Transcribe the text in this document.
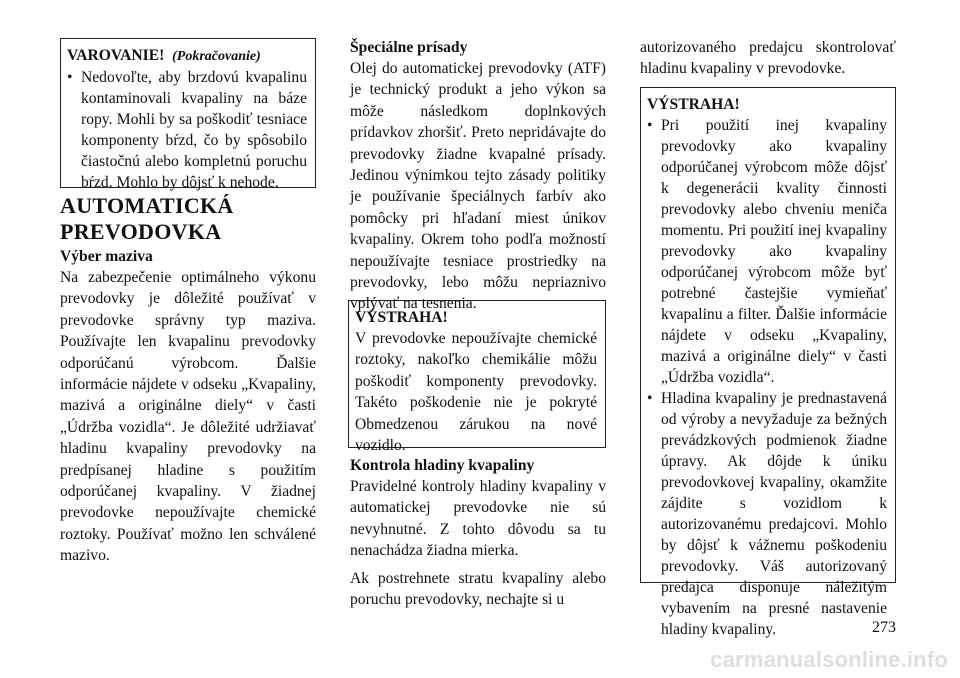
VAROVANIE! (Pokračovanie)
• Nedovoľte, aby brzdovú kvapalinu kontaminovali kvapaliny na báze ropy. Mohli by sa poškodiť tesniace komponenty bŕzd, čo by spôsobilo čiastočnú alebo kompletnú poruchu bŕzd. Mohlo by dôjsť k nehode.
AUTOMATICKÁ
PREVODOVKA
Výber maziva

Na zabezpečenie optimálneho výkonu prevodovky je dôležité používať v prevodovke správny typ maziva. Používajte len kvapalinu prevodovky odporúčanú výrobcom. Ďalšie informácie nájdete v odseku „Kvapaliny, mazivá a originálne diely“ v časti „Údržba vozidla“. Je dôležité udržiavať hladinu kvapaliny prevodovky na predpísanej hladine s použitím odporúčanej kvapaliny. V žiadnej prevodovke nepoužívajte chemické roztoky. Používať možno len schválené mazivo.

Špeciálne prísady

Olej do automatickej prevodovky (ATF) je technický produkt a jeho výkon sa môže následkom doplnkových prídavkov zhoršiť. Preto nepridávajte do prevodovky žiadne kvapalné prísady. Jedinou výnimkou tejto zásady politiky je používanie špeciálnych farbív ako pomôcky pri hľadaní miest únikov kvapaliny. Okrem toho podľa možností nepoužívajte tesniace prostriedky na prevodovky, lebo môžu nepriaznivo vplývať na tesnenia.

VÝSTRAHA!

V prevodovke nepoužívajte chemické roztoky, nakoľko chemikálie môžu poškodiť komponenty prevodovky. Takéto poškodenie nie je pokryté Obmedzenou zárukou na nové vozidlo.

Kontrola hladiny kvapaliny

Pravidelné kontroly hladiny kvapaliny v automatickej prevodovke nie sú nevyhnutné. Z tohto dôvodu sa tu nenachádza žiadna mierka.

Ak postrehnete stratu kvapaliny alebo poruchu prevodovky, nechajte si u

autorizovaného predajcu skontrolovať hladinu kvapaliny v prevodovke.

VÝSTRAHA!
• Pri použití inej kvapaliny prevodovky ako kvapaliny odporúčanej výrobcom môže dôjsť k degenerácii kvality činnosti prevodovky alebo chveniu meniča momentu. Pri použití inej kvapaliny prevodovky ako kvapaliny odporúčanej výrobcom môže byť potrebné častejšie vymieňať kvapalinu a filter. Ďalšie informácie nájdete v odseku „Kvapaliny, mazivá a originálne diely“ v časti „Údržba vozidla“.
• Hladina kvapaliny je prednastavená od výroby a nevyžaduje za bežných prevádzkových podmienok žiadne úpravy. Ak dôjde k úniku prevodovkovej kvapaliny, okamžite zájdite s vozidlom k autorizovanému predajcovi. Mohlo by dôjsť k vážnemu poškodeniu prevodovky. Váš autorizovaný predajca disponuje náležitým vybavením na presné nastavenie hladiny kvapaliny.	273
carmanualsonline.info
